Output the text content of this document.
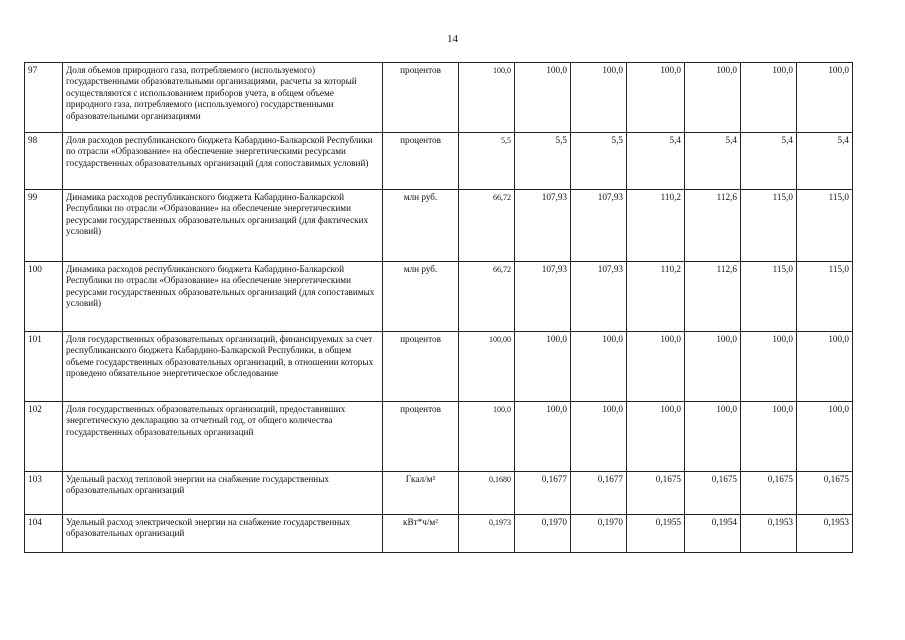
14
97	Доля объемов природного газа, потребляемого (используемого) государственными образовательными организациями, расчеты за который осуществляются с использованием приборов учета, в общем объеме природного газа, потребляемого (используемого) государственными образовательными организациями	процентов	100,0	100,0	100,0	100,0	100,0	100,0	100,0
98	Доля расходов республиканского бюджета Кабардино-Балкарской Республики по отрасли «Образование» на обеспечение энергетическими ресурсами государственных образовательных организаций (для сопоставимых условий)	процентов	5,5	5,5	5,5	5,4	5,4	5,4	5,4
99	Динамика расходов республиканского бюджета Кабардино-Балкарской Республики по отрасли «Образование» на обеспечение энергетическими ресурсами государственных образовательных организаций (для фактических условий)	млн руб.	66,72	107,93	107,93	110,2	112,6	115,0	115,0
100	Динамика расходов республиканского бюджета Кабардино-Балкарской Республики по отрасли «Образование» на обеспечение энергетическими ресурсами государственных образовательных организаций (для сопоставимых условий)	млн руб.	66,72	107,93	107,93	110,2	112,6	115,0	115,0
101	Доля государственных образовательных организаций, финансируемых за счет республиканского бюджета Кабардино-Балкарской Республики, в общем объеме государственных образовательных организаций, в отношении которых проведено обязательное энергетическое обследование	процентов	100,00	100,0	100,0	100,0	100,0	100,0	100,0
102	Доля государственных образовательных организаций, предоставивших энергетическую декларацию за отчетный год, от общего количества государственных образовательных организаций	процентов	100,0	100,0	100,0	100,0	100,0	100,0	100,0
103	Удельный расход тепловой энергии на снабжение государственных образовательных организаций	Гкал/м²	0,1680	0,1677	0,1677	0,1675	0,1675	0,1675	0,1675
104	Удельный расход электрической энергии на снабжение государственных образовательных организаций	кВт*ч/м²	0,1973	0,1970	0,1970	0,1955	0,1954	0,1953	0,1953
